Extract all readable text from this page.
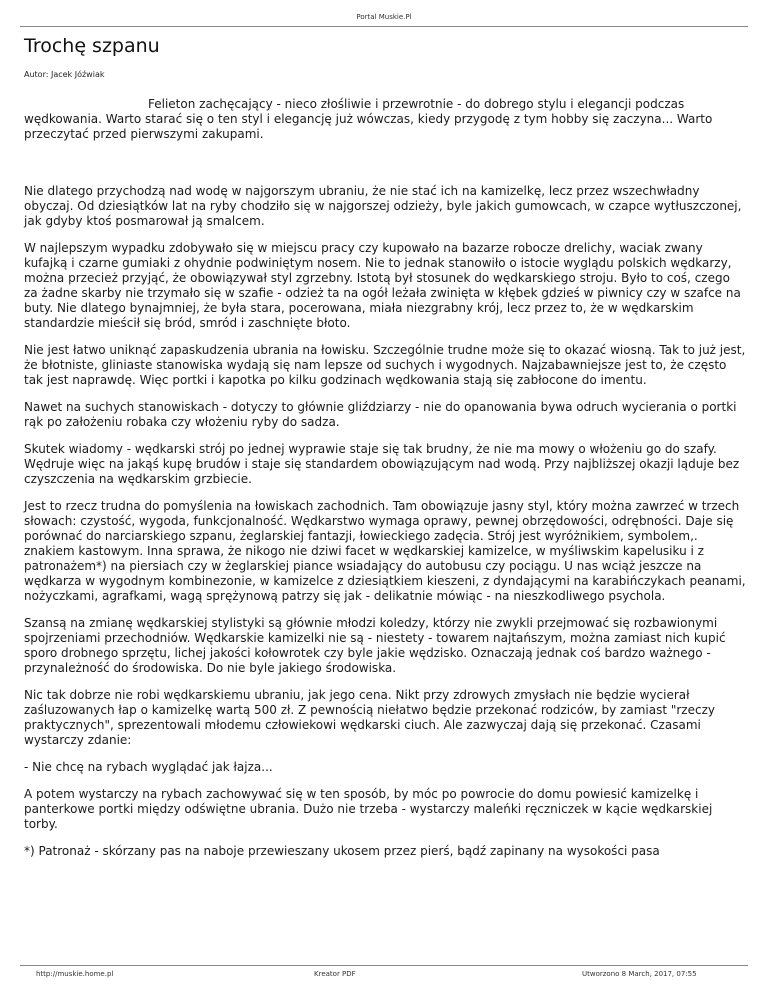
Portal Muskie.Pl
Trochę szpanu
Autor: Jacek Jóźwiak

Felieton zachęcający - nieco złośliwie i przewrotnie - do dobrego stylu i elegancji podczas wędkowania. Warto starać się o ten styl i elegancję już wówczas, kiedy przygodę z tym hobby się zaczyna... Warto przeczytać przed pierwszymi zakupami.

Nie dlatego przychodzą nad wodę w najgorszym ubraniu, że nie stać ich na kamizelkę, lecz przez wszechwładny obyczaj. Od dziesiątków lat na ryby chodziło się w najgorszej odzieży, byle jakich gumowcach, w czapce wytłuszczonej, jak gdyby ktoś posmarował ją smalcem.

W najlepszym wypadku zdobywało się w miejscu pracy czy kupowało na bazarze robocze drelichy, waciak zwany kufajką i czarne gumiaki z ohydnie podwiniętym nosem. Nie to jednak stanowiło o istocie wyglądu polskich wędkarzy, można przecież przyjąć, że obowiązywał styl zgrzebny. Istotą był stosunek do wędkarskiego stroju. Było to coś, czego za żadne skarby nie trzymało się w szafie - odzież ta na ogół leżała zwinięta w kłębek gdzieś w piwnicy czy w szafce na buty. Nie dlatego bynajmniej, że była stara, pocerowana, miała niezgrabny krój, lecz przez to, że w wędkarskim standardzie mieścił się bród, smród i zaschnięte błoto.

Nie jest łatwo uniknąć zapaskudzenia ubrania na łowisku. Szczególnie trudne może się to okazać wiosną. Tak to już jest, że błotniste, gliniaste stanowiska wydają się nam lepsze od suchych i wygodnych. Najzabawniejsze jest to, że często tak jest naprawdę. Więc portki i kapotka po kilku godzinach wędkowania stają się zabłocone do imentu.

Nawet na suchych stanowiskach - dotyczy to głównie gliździarzy - nie do opanowania bywa odruch wycierania o portki rąk po założeniu robaka czy włożeniu ryby do sadza.

Skutek wiadomy - wędkarski strój po jednej wyprawie staje się tak brudny, że nie ma mowy o włożeniu go do szafy. Wędruje więc na jakąś kupę brudów i staje się standardem obowiązującym nad wodą. Przy najbliższej okazji ląduje bez czyszczenia na wędkarskim grzbiecie.

Jest to rzecz trudna do pomyślenia na łowiskach zachodnich. Tam obowiązuje jasny styl, który można zawrzeć w trzech słowach: czystość, wygoda, funkcjonalność. Wędkarstwo wymaga oprawy, pewnej obrzędowości, odrębności. Daje się porównać do narciarskiego szpanu, żeglarskiej fantazji, łowieckiego zadęcia. Strój jest wyróżnikiem, symbolem,. znakiem kastowym. Inna sprawa, że nikogo nie dziwi facet w wędkarskiej kamizelce, w myśliwskim kapelusiku i z patronażem*) na piersiach czy w żeglarskiej piance wsiadający do autobusu czy pociągu. U nas wciąż jeszcze na wędkarza w wygodnym kombinezonie, w kamizelce z dziesiątkiem kieszeni, z dyndającymi na karabińczykach peanami, nożyczkami, agrafkami, wagą sprężynową patrzy się jak - delikatnie mówiąc - na nieszkodliwego psychola.

Szansą na zmianę wędkarskiej stylistyki są głównie młodzi koledzy, którzy nie zwykli przejmować się rozbawionymi spojrzeniami przechodniów. Wędkarskie kamizelki nie są - niestety - towarem najtańszym, można zamiast nich kupić sporo drobnego sprzętu, lichej jakości kołowrotek czy byle jakie wędzisko. Oznaczają jednak coś bardzo ważnego - przynależność do środowiska. Do nie byle jakiego środowiska.

Nic tak dobrze nie robi wędkarskiemu ubraniu, jak jego cena. Nikt przy zdrowych zmysłach nie będzie wycierał zaśluzowanych łap o kamizelkę wartą 500 zł. Z pewnością niełatwo będzie przekonać rodziców, by zamiast "rzeczy praktycznych", sprezentowali młodemu człowiekowi wędkarski ciuch. Ale zazwyczaj dają się przekonać. Czasami wystarczy zdanie:

- Nie chcę na rybach wyglądać jak łajza...

A potem wystarczy na rybach zachowywać się w ten sposób, by móc po powrocie do domu powiesić kamizelkę i panterkowe portki między odświętne ubrania. Dużo nie trzeba - wystarczy maleńki ręczniczek w kącie wędkarskiej torby.

*) Patronaż - skórzany pas na naboje przewieszany ukosem przez pierś, bądź zapinany na wysokości pasa

http://muskie.home.pl	Kreator PDF	Utworzono 8 March, 2017, 07:55
